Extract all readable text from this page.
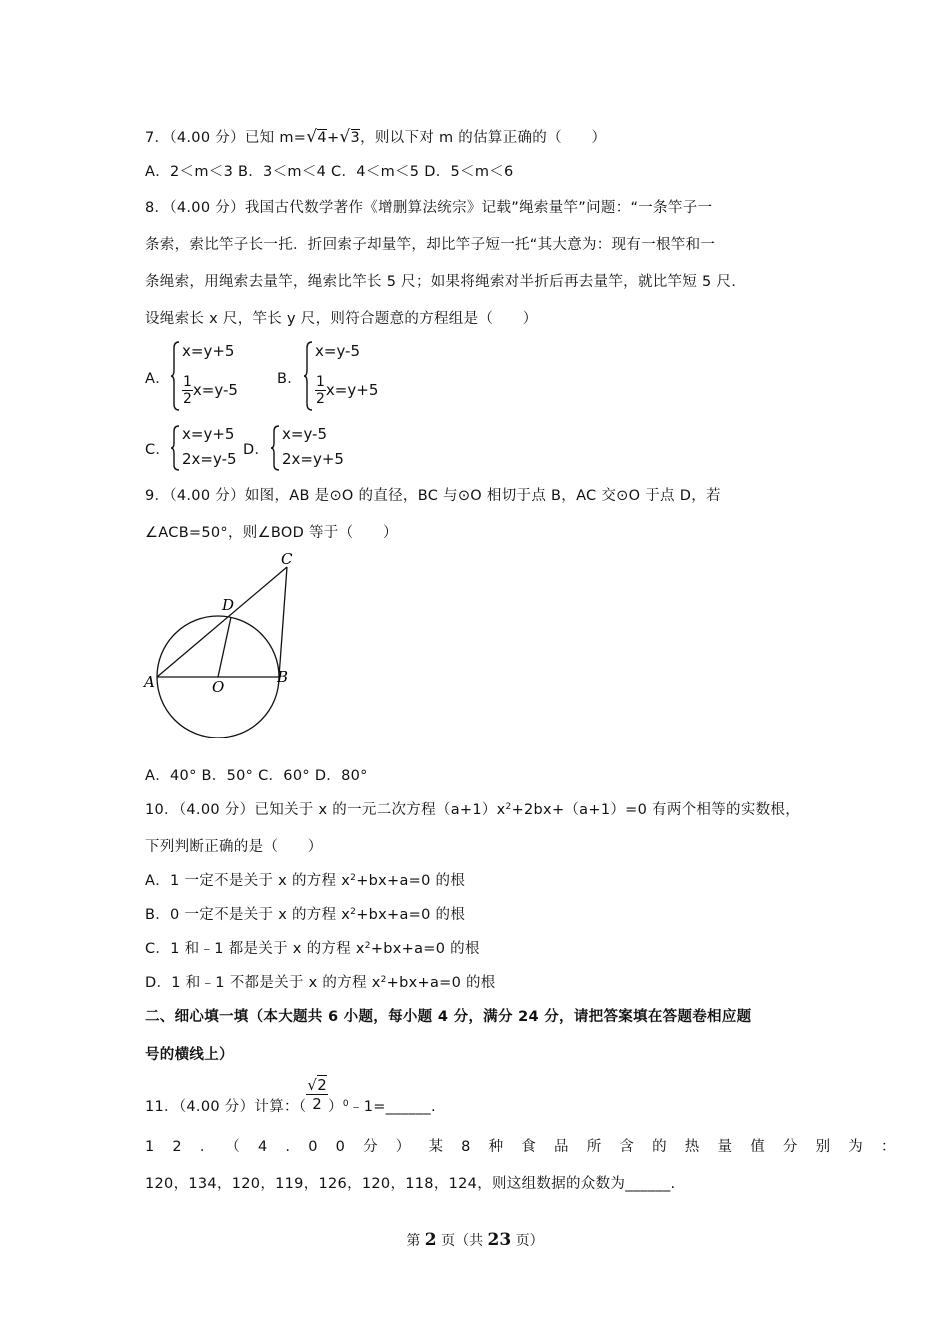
7．（4.00 分）已知 m=√4+√3，则以下对 m 的估算正确的（　　）
A．2＜m＜3 B．3＜m＜4 C．4＜m＜5 D．5＜m＜6
8．（4.00 分）我国古代数学著作《增删算法统宗》记载”绳索量竿”问题：“一条竿子一
条索，索比竿子长一托．折回索子却量竿，却比竿子短一托“其大意为：现有一根竿和一
条绳索，用绳索去量竿，绳索比竿长 5 尺；如果将绳索对半折后再去量竿，就比竿短 5 尺.
设绳索长 x 尺，竿长 y 尺，则符合题意的方程组是（　　）
A．
x=y+5
$\frac{1}{2} x=y-5$
B．
x=y-5
$\frac{1}{2} x=y+5$
C．
x=y+5
2x=y-5 D．
x=y-5
2x=y+5
9．（4.00 分）如图，AB 是⊙O 的直径，BC 与⊙O 相切于点 B，AC 交⊙O 于点 D，若
∠ACB=50°，则∠BOD 等于（　　）
A	B
C
D
O
A．40° B．50° C．60° D．80°
10．（4.00 分）已知关于 x 的一元二次方程$(a+1)x^2+2bx+(a+1)=0$ 有两个相等的实数根，
下列判断正确的是（　　）
A．1 一定不是关于 x 的方程 $x^2+bx+a=0$ 的根
B．0 一定不是关于 x 的方程 $x^2+bx+a=0$ 的根
C．1 和﹣1 都是关于 x 的方程 $x^2+bx+a=0$ 的根
D．1 和﹣1 不都是关于 x 的方程 $x^2+bx+a=0$ 的根
二、细心填一填（本大题共 6 小题，每小题 4 分，满分 24 分，请把答案填在答题卷相应题
号的横线上）
11．（4.00 分）计算：（ $\frac{√2}{2}$ ）$_0﹣1=\_\_\_\_\_\_$.
12．（4.00分）某8种食品所含的热量值分别为：
120，134，120，119，126，120，118，124，则这组数据的众数为______.
第 2 页（共 23 页）
